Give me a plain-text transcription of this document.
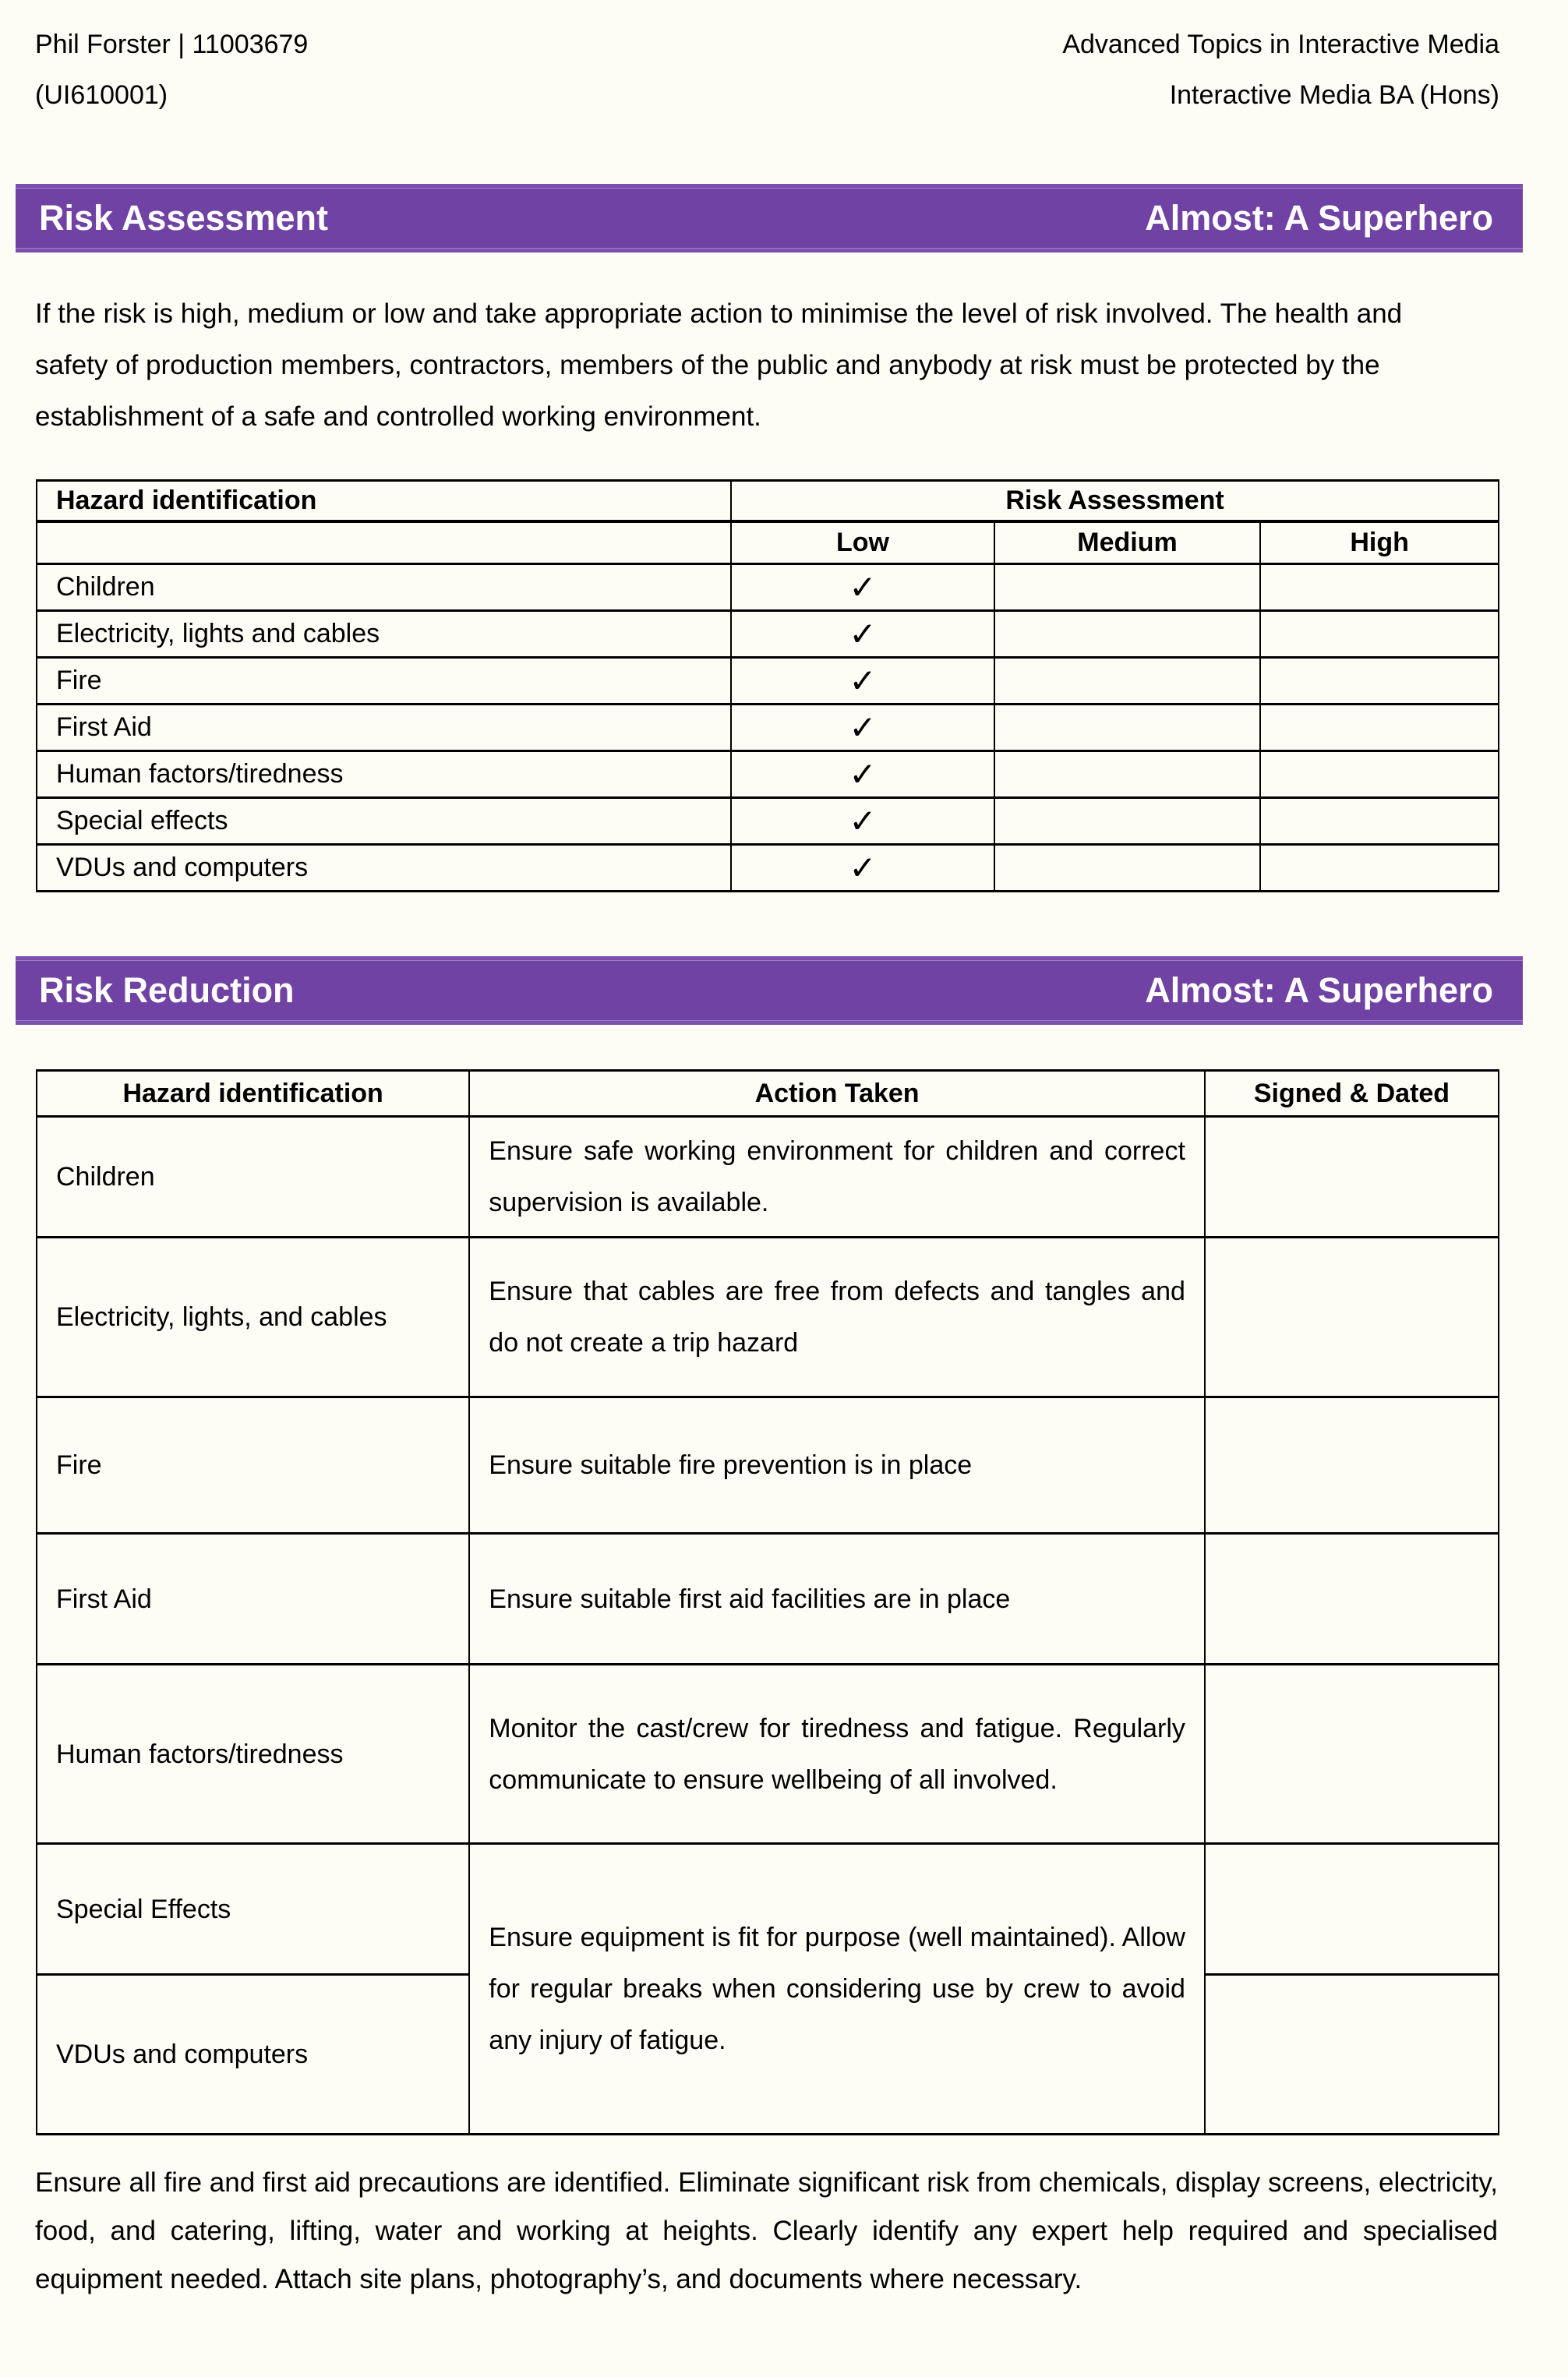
Phil Forster | 11003679
(UI610001)
Advanced Topics in Interactive Media
Interactive Media BA (Hons)
Risk Assessment	Almost: A Superhero

If the risk is high, medium or low and take appropriate action to minimise the level of risk involved. The health and safety of production members, contractors, members of the public and anybody at risk must be protected by the establishment of a safe and controlled working environment.

Hazard identification	Risk Assessment		
	Low	Medium	High
Children	✓		
Electricity, lights and cables	✓		
Fire	✓		
First Aid	✓		
Human factors/tiredness	✓		
Special effects	✓		
VDUs and computers	✓		
Risk Reduction	Almost: A Superhero
Hazard identification	Action Taken	Signed & Dated
Children	Ensure safe working environment for children and correct supervision is available.	
Electricity, lights, and cables	Ensure that cables are free from defects and tangles and do not create a trip hazard	
Fire	Ensure suitable fire prevention is in place	
First Aid	Ensure suitable first aid facilities are in place	
Human factors/tiredness	Monitor the cast/crew for tiredness and fatigue. Regularly communicate to ensure wellbeing of all involved.	
Special Effects	Ensure equipment is fit for purpose (well maintained). Allow for regular breaks when considering use by crew to avoid any injury of fatigue.	
VDUs and computers		

Ensure all fire and first aid precautions are identified. Eliminate significant risk from chemicals, display screens, electricity, food, and catering, lifting, water and working at heights. Clearly identify any expert help required and specialised equipment needed. Attach site plans, photography’s, and documents where necessary.
